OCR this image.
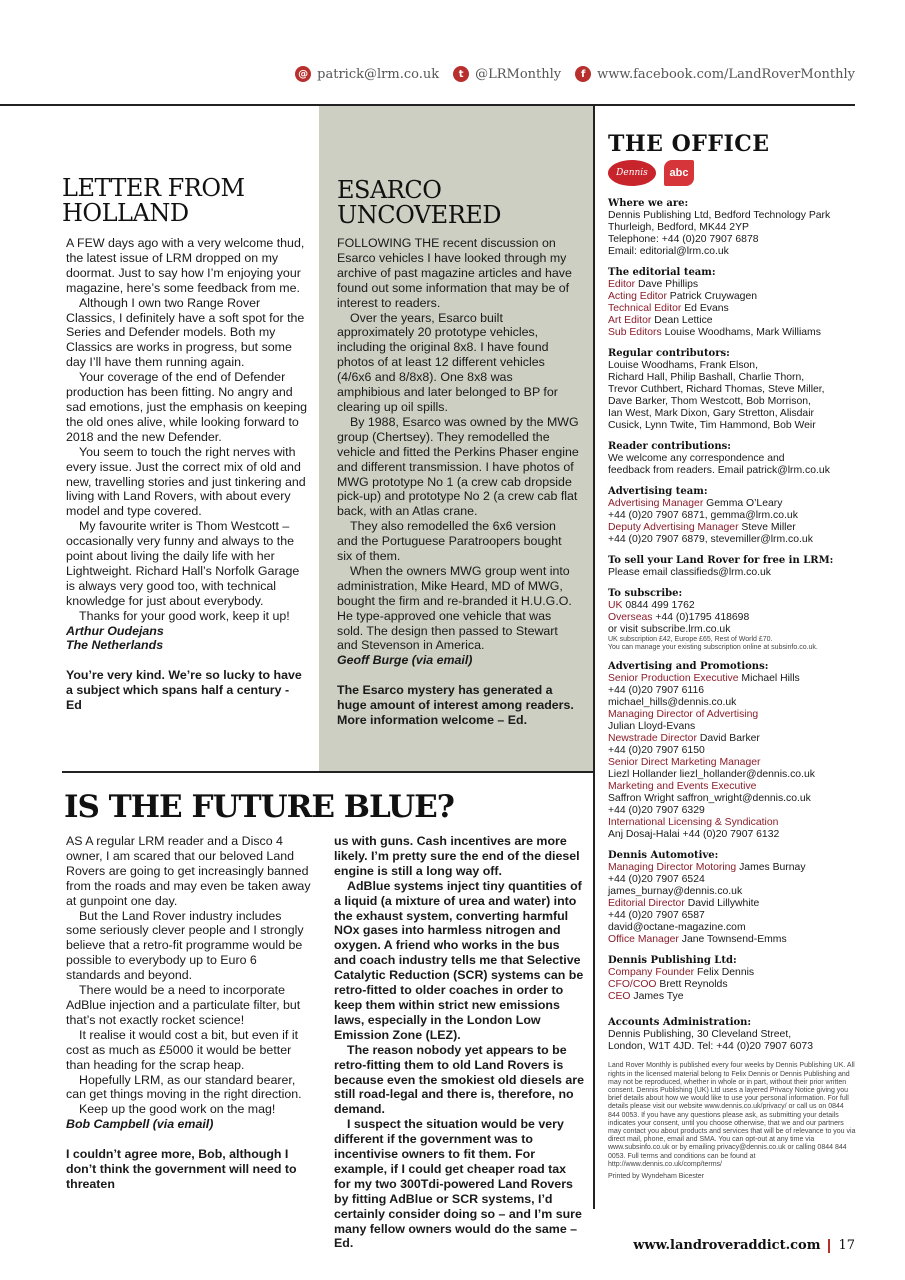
@ patrick@lrm.co.uk	t @LRMonthly	f www.facebook.com/LandRoverMonthly
LETTER FROM
HOLLAND

A FEW days ago with a very welcome thud, the latest issue of LRM dropped on my doormat. Just to say how I’m enjoying your magazine, here’s some feedback from me.

Although I own two Range Rover Classics, I definitely have a soft spot for the Series and Defender models. Both my Classics are works in progress, but some day I’ll have them running again.

Your coverage of the end of Defender production has been fitting. No angry and sad emotions, just the emphasis on keeping the old ones alive, while looking forward to 2018 and the new Defender.

You seem to touch the right nerves with every issue. Just the correct mix of old and new, travelling stories and just tinkering and living with Land Rovers, with about every model and type covered.

My favourite writer is Thom Westcott – occasionally very funny and always to the point about living the daily life with her Lightweight. Richard Hall’s Norfolk Garage is always very good too, with technical knowledge for just about everybody.

Thanks for your good work, keep it up!

Arthur Oudejans

The Netherlands

You’re very kind. We’re so lucky to have a subject which spans half a century - Ed

ESARCO
UNCOVERED

FOLLOWING THE recent discussion on Esarco vehicles I have looked through my archive of past magazine articles and have found out some information that may be of interest to readers.

Over the years, Esarco built approximately 20 prototype vehicles, including the original 8x8. I have found photos of at least 12 different vehicles (4/6x6 and 8/8x8). One 8x8 was amphibious and later belonged to BP for clearing up oil spills.

By 1988, Esarco was owned by the MWG group (Chertsey). They remodelled the vehicle and fitted the Perkins Phaser engine and different transmission. I have photos of MWG prototype No 1 (a crew cab dropside pick-up) and prototype No 2 (a crew cab flat back, with an Atlas crane.

They also remodelled the 6x6 version and the Portuguese Paratroopers bought six of them.

When the owners MWG group went into administration, Mike Heard, MD of MWG, bought the firm and re-branded it H.U.G.O. He type-approved one vehicle that was sold. The design then passed to Stewart and Stevenson in America.

Geoff Burge (via email)

The Esarco mystery has generated a huge amount of interest among readers. More information welcome – Ed.

IS THE FUTURE BLUE?

AS A regular LRM reader and a Disco 4 owner, I am scared that our beloved Land Rovers are going to get increasingly banned from the roads and may even be taken away at gunpoint one day.

But the Land Rover industry includes some seriously clever people and I strongly believe that a retro-fit programme would be possible to everybody up to Euro 6 standards and beyond.

There would be a need to incorporate AdBlue injection and a particulate filter, but that’s not exactly rocket science!

It realise it would cost a bit, but even if it cost as much as £5000 it would be better than heading for the scrap heap.

Hopefully LRM, as our standard bearer, can get things moving in the right direction.

Keep up the good work on the mag!

Bob Campbell (via email)

I couldn’t agree more, Bob, although I don’t think the government will need to threaten

us with guns. Cash incentives are more likely. I’m pretty sure the end of the diesel engine is still a long way off.

AdBlue systems inject tiny quantities of a liquid (a mixture of urea and water) into the exhaust system, converting harmful NOx gases into harmless nitrogen and oxygen. A friend who works in the bus and coach industry tells me that Selective Catalytic Reduction (SCR) systems can be retro-fitted to older coaches in order to keep them within strict new emissions laws, especially in the London Low Emission Zone (LEZ).

The reason nobody yet appears to be retro-fitting them to old Land Rovers is because even the smokiest old diesels are still road-legal and there is, therefore, no demand.

I suspect the situation would be very different if the government was to incentivise owners to fit them. For example, if I could get cheaper road tax for my two 300Tdi-powered Land Rovers by fitting AdBlue or SCR systems, I’d certainly consider doing so – and I’m sure many fellow owners would do the same – Ed.

THE OFFICE
Dennis	abc
Where we are:
Dennis Publishing Ltd, Bedford Technology Park
Thurleigh, Bedford, MK44 2YP
Telephone: +44 (0)20 7907 6878
Email: editorial@lrm.co.uk
The editorial team:
Editor Dave Phillips
Acting Editor Patrick Cruywagen
Technical Editor Ed Evans
Art Editor Dean Lettice
Sub Editors Louise Woodhams, Mark Williams
Regular contributors:
Louise Woodhams, Frank Elson,
Richard Hall, Philip Bashall, Charlie Thorn,
Trevor Cuthbert, Richard Thomas, Steve Miller,
Dave Barker, Thom Westcott, Bob Morrison,
Ian West, Mark Dixon, Gary Stretton, Alisdair
Cusick, Lynn Twite, Tim Hammond, Bob Weir
Reader contributions:
We welcome any correspondence and
feedback from readers. Email patrick@lrm.co.uk
Advertising team:
Advertising Manager Gemma O’Leary
+44 (0)20 7907 6871, gemma@lrm.co.uk
Deputy Advertising Manager Steve Miller
+44 (0)20 7907 6879, stevemiller@lrm.co.uk
To sell your Land Rover for free in LRM:
Please email classifieds@lrm.co.uk
To subscribe:
UK 0844 499 1762
Overseas +44 (0)1795 418698
or visit subscribe.lrm.co.uk
UK subscription £42, Europe £65, Rest of World £70.
You can manage your existing subscription online at subsinfo.co.uk.
Advertising and Promotions:
Senior Production Executive Michael Hills
+44 (0)20 7907 6116
michael_hills@dennis.co.uk
Managing Director of Advertising
Julian Lloyd-Evans
Newstrade Director David Barker
+44 (0)20 7907 6150
Senior Direct Marketing Manager
Liezl Hollander liezl_hollander@dennis.co.uk
Marketing and Events Executive
Saffron Wright saffron_wright@dennis.co.uk
+44 (0)20 7907 6329
International Licensing & Syndication
Anj Dosaj-Halai +44 (0)20 7907 6132
Dennis Automotive:
Managing Director Motoring James Burnay
+44 (0)20 7907 6524
james_burnay@dennis.co.uk
Editorial Director David Lillywhite
+44 (0)20 7907 6587
david@octane-magazine.com
Office Manager Jane Townsend-Emms
Dennis Publishing Ltd:
Company Founder Felix Dennis
CFO/COO Brett Reynolds
CEO James Tye
Accounts Administration:
Dennis Publishing, 30 Cleveland Street,
London, W1T 4JD. Tel: +44 (0)20 7907 6073
Land Rover Monthly is published every four weeks by Dennis Publishing UK. All rights in the licensed material belong to Felix Dennis or Dennis Publishing and may not be reproduced, whether in whole or in part, without their prior written consent. Dennis Publishing (UK) Ltd uses a layered Privacy Notice giving you brief details about how we would like to use your personal information. For full details please visit our website www.dennis.co.uk/privacy/ or call us on 0844 844 0053. If you have any questions please ask, as submitting your details indicates your consent, until you choose otherwise, that we and our partners may contact you about products and services that will be of relevance to you via direct mail, phone, email and SMA. You can opt-out at any time via www.subsinfo.co.uk or by emailing privacy@dennis.co.uk or calling 0844 844 0053. Full terms and conditions can be found at http://www.dennis.co.uk/comp/terms/
Printed by Wyndeham Bicester
www.landroveraddict.com 17
